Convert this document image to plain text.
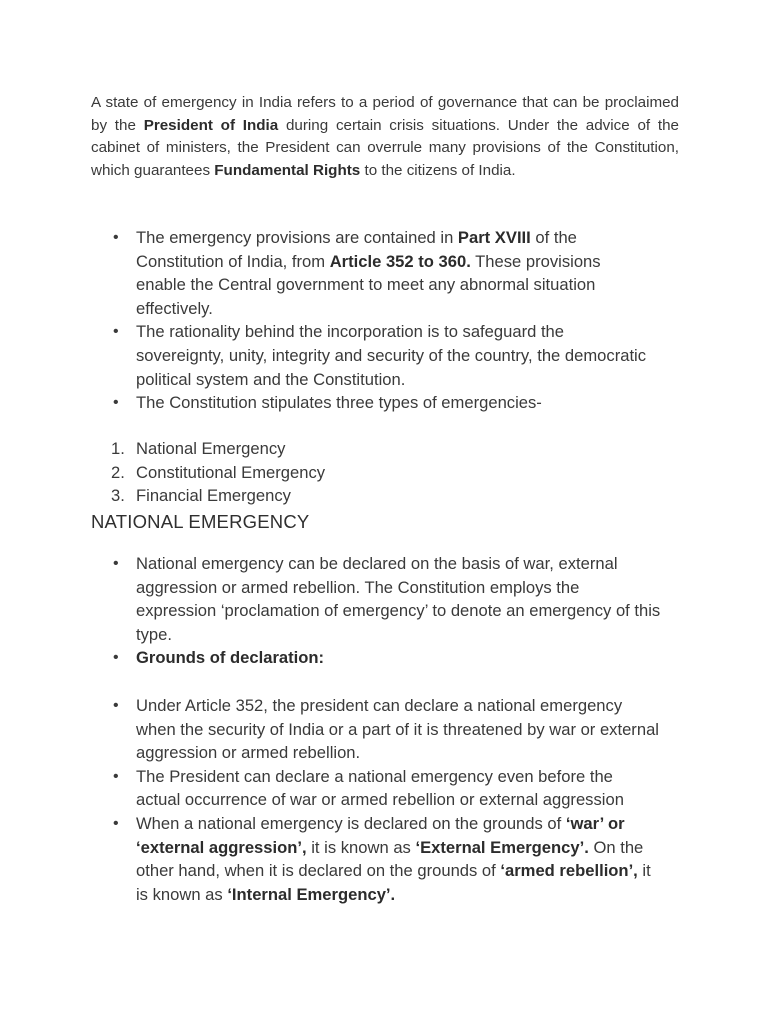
A state of emergency in India refers to a period of governance that can be proclaimed by the President of India during certain crisis situations. Under the advice of the cabinet of ministers, the President can overrule many provisions of the Constitution, which guarantees Fundamental Rights to the citizens of India.

• The emergency provisions are contained in Part XVIII of the Constitution of India, from Article 352 to 360. These provisions enable the Central government to meet any abnormal situation effectively.
• The rationality behind the incorporation is to safeguard the sovereignty, unity, integrity and security of the country, the democratic political system and the Constitution.
• The Constitution stipulates three types of emergencies-
1. National Emergency
2. Constitutional Emergency
3. Financial Emergency
NATIONAL EMERGENCY
• National emergency can be declared on the basis of war, external aggression or armed rebellion. The Constitution employs the expression ‘proclamation of emergency’ to denote an emergency of this type.
• Grounds of declaration:
• Under Article 352, the president can declare a national emergency when the security of India or a part of it is threatened by war or external aggression or armed rebellion.
• The President can declare a national emergency even before the actual occurrence of war or armed rebellion or external aggression
• When a national emergency is declared on the grounds of ‘war’ or ‘external aggression’, it is known as ‘External Emergency’. On the other hand, when it is declared on the grounds of ‘armed rebellion’, it is known as ‘Internal Emergency’.
